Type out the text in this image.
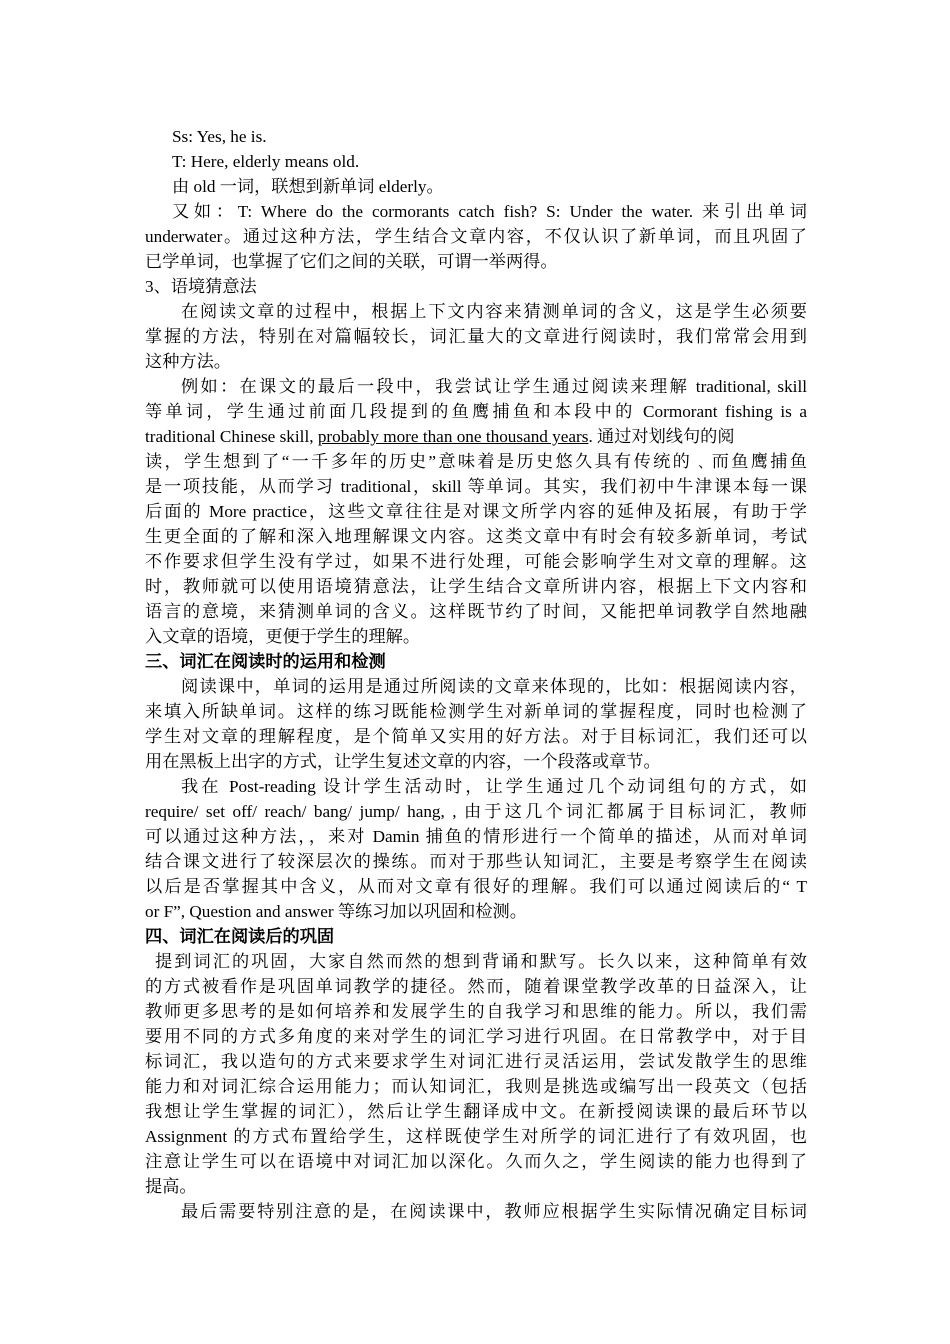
Ss: Yes, he is.
T: Here, elderly means old.
由 old 一词，联想到新单词 elderly。
又如：T: Where do the cormorants catch fish? S: Under the water. 来引出单词
underwater。通过这种方法，学生结合文章内容，不仅认识了新单词，而且巩固了
已学单词，也掌握了它们之间的关联，可谓一举两得。
3、语境猜意法
在阅读文章的过程中，根据上下文内容来猜测单词的含义，这是学生必须要
掌握的方法，特别在对篇幅较长，词汇量大的文章进行阅读时，我们常常会用到
这种方法。
例如：在课文的最后一段中，我尝试让学生通过阅读来理解 traditional, skill
等单词，学生通过前面几段提到的鱼鹰捕鱼和本段中的 Cormorant fishing is a
traditional Chinese skill, probably more than one thousand years. 通过对划线句的阅
读，学生想到了“一千多年的历史”意味着是历史悠久具有传统的﹑而鱼鹰捕鱼
是一项技能，从而学习 traditional，skill 等单词。其实，我们初中牛津课本每一课
后面的 More practice，这些文章往往是对课文所学内容的延伸及拓展，有助于学
生更全面的了解和深入地理解课文内容。这类文章中有时会有较多新单词，考试
不作要求但学生没有学过，如果不进行处理，可能会影响学生对文章的理解。这
时，教师就可以使用语境猜意法，让学生结合文章所讲内容，根据上下文内容和
语言的意境，来猜测单词的含义。这样既节约了时间，又能把单词教学自然地融
入文章的语境，更便于学生的理解。
三、词汇在阅读时的运用和检测
阅读课中，单词的运用是通过所阅读的文章来体现的，比如：根据阅读内容，
来填入所缺单词。这样的练习既能检测学生对新单词的掌握程度，同时也检测了
学生对文章的理解程度，是个简单又实用的好方法。对于目标词汇，我们还可以
用在黑板上出字的方式，让学生复述文章的内容，一个段落或章节。
我在 Post-reading 设计学生活动时，让学生通过几个动词组句的方式，如
require/ set off/ reach/ bang/ jump/ hang, , 由于这几个词汇都属于目标词汇，教师
可以通过这种方法，，来对 Damin 捕鱼的情形进行一个简单的描述，从而对单词
结合课文进行了较深层次的操练。而对于那些认知词汇，主要是考察学生在阅读
以后是否掌握其中含义，从而对文章有很好的理解。我们可以通过阅读后的“ T
or F”, Question and answer 等练习加以巩固和检测。
四、词汇在阅读后的巩固
提到词汇的巩固，大家自然而然的想到背诵和默写。长久以来，这种简单有效
的方式被看作是巩固单词教学的捷径。然而，随着课堂教学改革的日益深入，让
教师更多思考的是如何培养和发展学生的自我学习和思维的能力。所以，我们需
要用不同的方式多角度的来对学生的词汇学习进行巩固。在日常教学中，对于目
标词汇，我以造句的方式来要求学生对词汇进行灵活运用，尝试发散学生的思维
能力和对词汇综合运用能力；而认知词汇，我则是挑选或编写出一段英文（包括
我想让学生掌握的词汇），然后让学生翻译成中文。在新授阅读课的最后环节以
Assignment 的方式布置给学生，这样既使学生对所学的词汇进行了有效巩固，也
注意让学生可以在语境中对词汇加以深化。久而久之，学生阅读的能力也得到了
提高。
最后需要特别注意的是，在阅读课中，教师应根据学生实际情况确定目标词
